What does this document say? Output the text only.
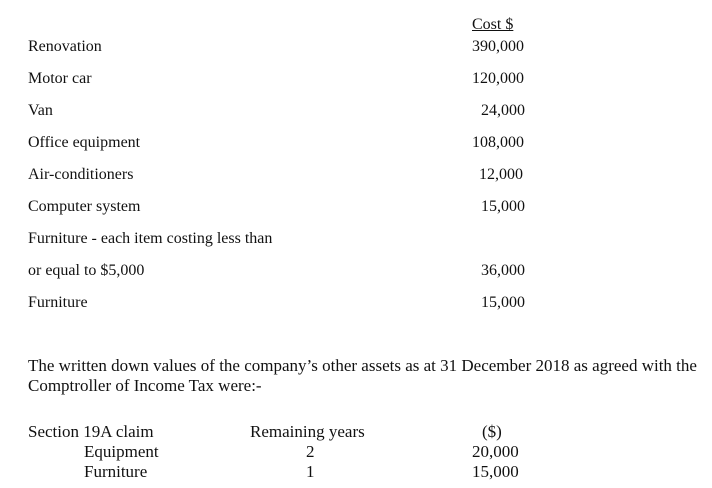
Cost $
Renovation	390,000
Motor car	120,000
Van	24,000
Office equipment	108,000
Air-conditioners	12,000
Computer system	15,000
Furniture - each item costing less than
or equal to $5,000	36,000
Furniture	15,000
The written down values of the company’s other assets as at 31 December 2018 as agreed with the Comptroller of Income Tax were:-
Section 19A claim	Remaining years	($)
Equipment	2	20,000
Furniture	1	15,000
